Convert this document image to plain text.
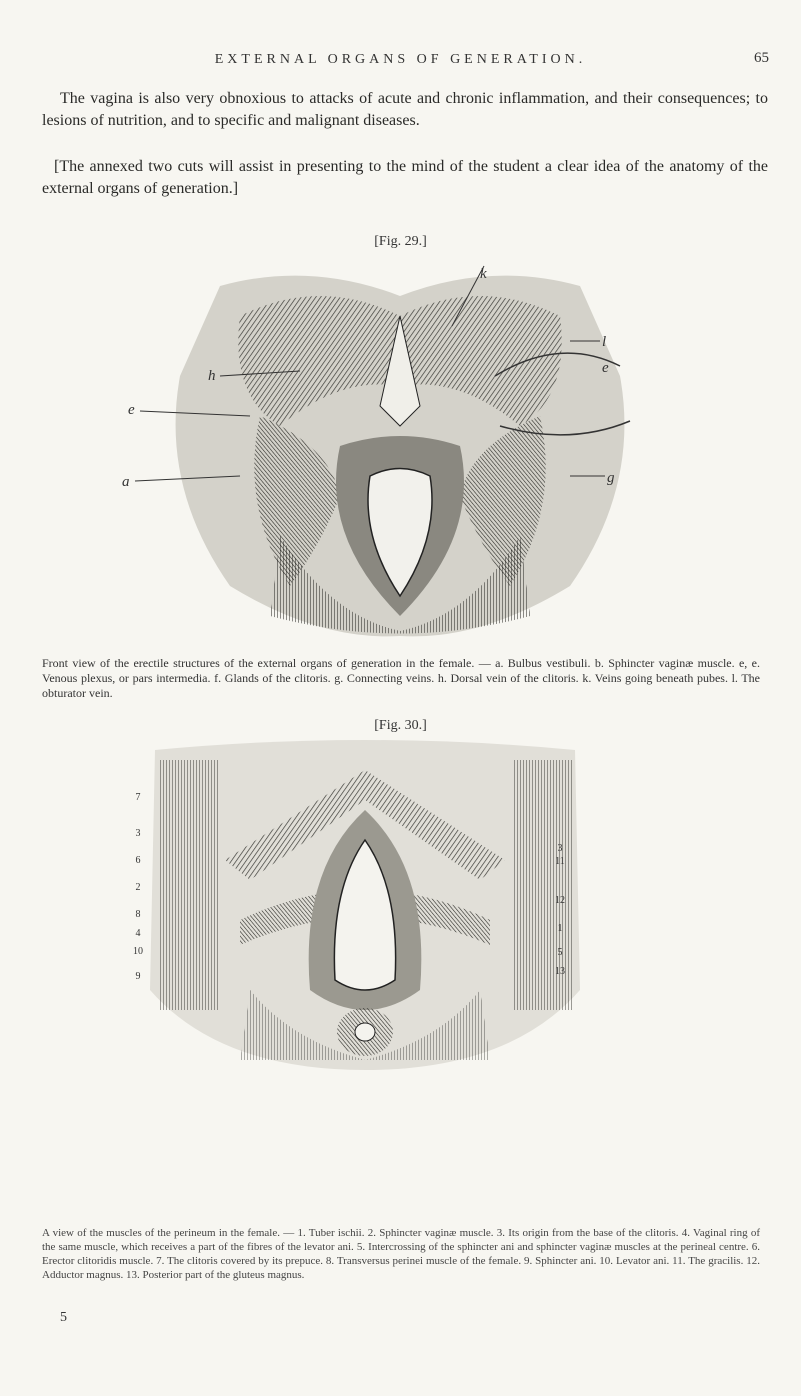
EXTERNAL ORGANS OF GENERATION.	65

The vagina is also very obnoxious to attacks of acute and chronic inflammation, and their consequences; to lesions of nutrition, and to specific and malignant diseases.

[The annexed two cuts will assist in presenting to the mind of the student a clear idea of the anatomy of the external organs of generation.]

[Fig. 29.]
k
l
h
e
e
a	g

Front view of the erectile structures of the external organs of generation in the female. — a. Bulbus vestibuli. b. Sphincter vaginæ muscle. e, e. Venous plexus, or pars intermedia. f. Glands of the clitoris. g. Connecting veins. h. Dorsal vein of the clitoris. k. Veins going beneath pubes. l. The obturator vein.

[Fig. 30.]
7
3
6
2
8
4
10
9
3
11
12
1
5
13

A view of the muscles of the perineum in the female. — 1. Tuber ischii. 2. Sphincter vaginæ muscle. 3. Its origin from the base of the clitoris. 4. Vaginal ring of the same muscle, which receives a part of the fibres of the levator ani. 5. Intercrossing of the sphincter ani and sphincter vaginæ muscles at the perineal centre. 6. Erector clitoridis muscle. 7. The clitoris covered by its prepuce. 8. Transversus perinei muscle of the female. 9. Sphincter ani. 10. Levator ani. 11. The gracilis. 12. Adductor magnus. 13. Posterior part of the gluteus magnus.

5
